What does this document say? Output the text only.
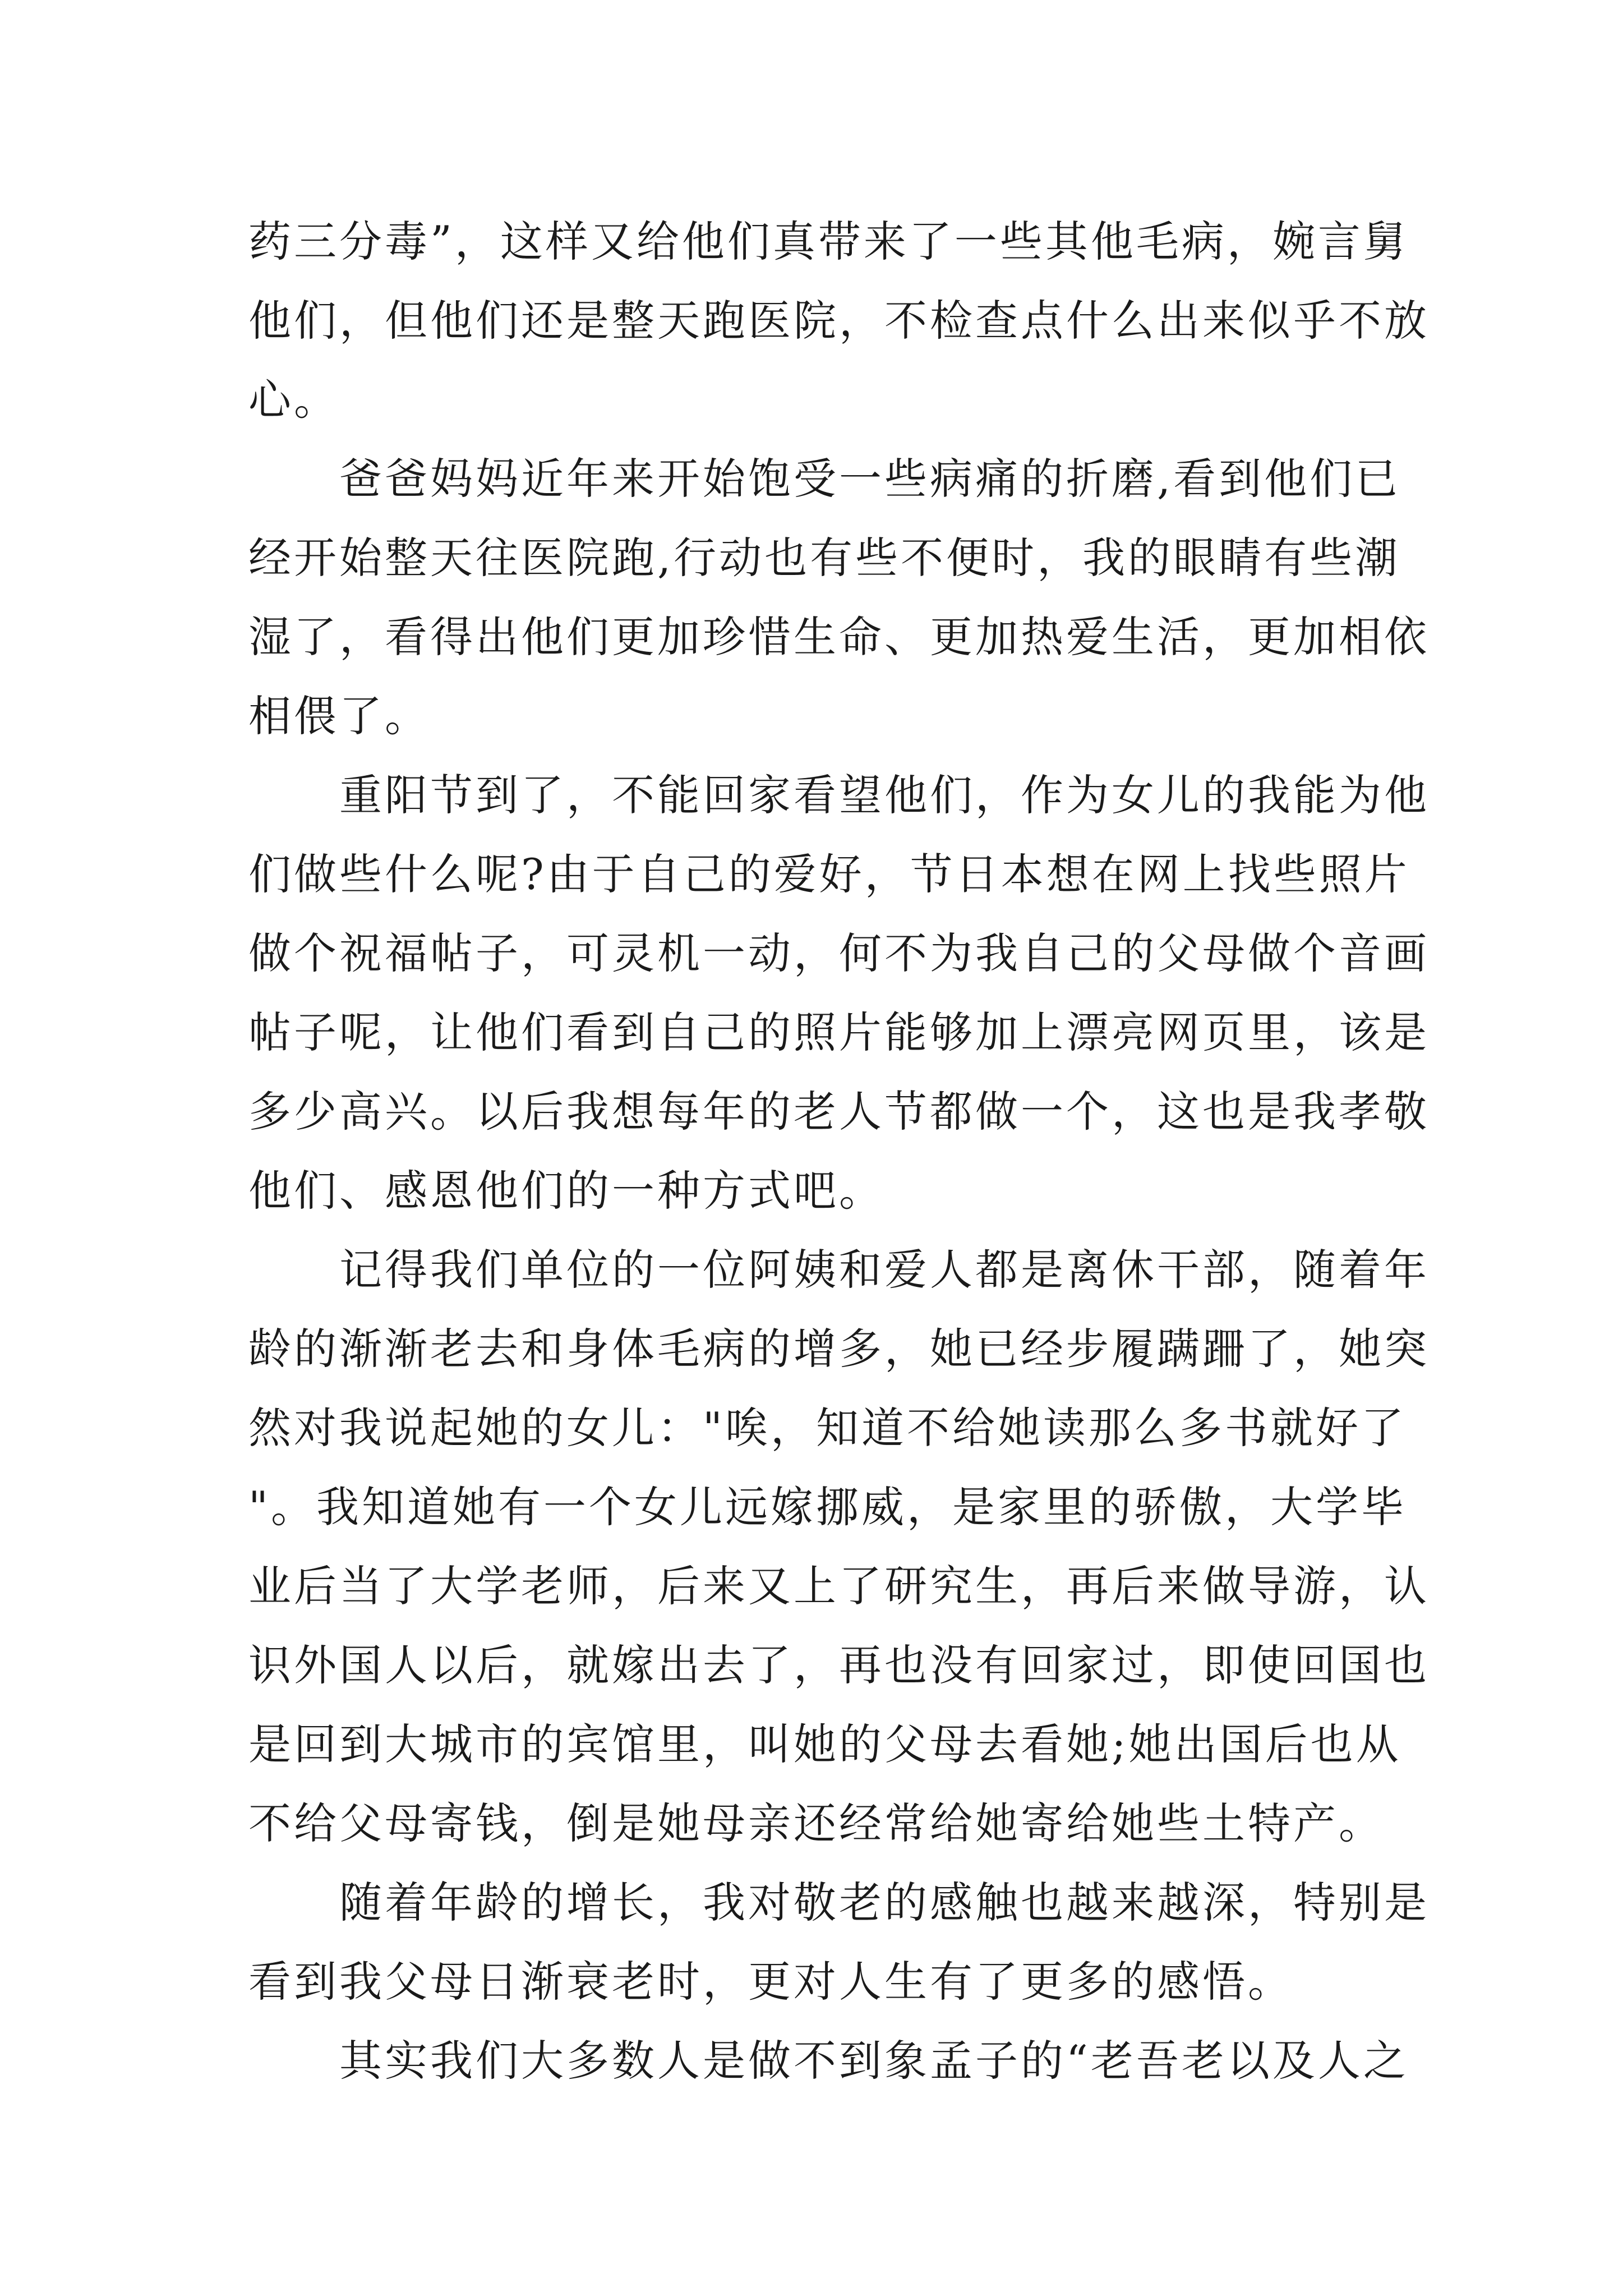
药三分毒”，这样又给他们真带来了一些其他毛病，婉言舅
他们，但他们还是整天跑医院，不检查点什么出来似乎不放
心。
　　爸爸妈妈近年来开始饱受一些病痛的折磨,看到他们已
经开始整天往医院跑,行动也有些不便时，我的眼睛有些潮
湿了，看得出他们更加珍惜生命、更加热爱生活，更加相依
相偎了。
　　重阳节到了，不能回家看望他们，作为女儿的我能为他
们做些什么呢?由于自己的爱好，节日本想在网上找些照片
做个祝福帖子，可灵机一动，何不为我自己的父母做个音画
帖子呢，让他们看到自己的照片能够加上漂亮网页里，该是
多少高兴。以后我想每年的老人节都做一个，这也是我孝敬
他们、感恩他们的一种方式吧。
　　记得我们单位的一位阿姨和爱人都是离休干部，随着年
龄的渐渐老去和身体毛病的增多，她已经步履蹒跚了，她突
然对我说起她的女儿："唉，知道不给她读那么多书就好了
"。我知道她有一个女儿远嫁挪威，是家里的骄傲，大学毕
业后当了大学老师，后来又上了研究生，再后来做导游，认
识外国人以后，就嫁出去了，再也没有回家过，即使回国也
是回到大城市的宾馆里，叫她的父母去看她;她出国后也从
不给父母寄钱，倒是她母亲还经常给她寄给她些土特产。
　　随着年龄的增长，我对敬老的感触也越来越深，特别是
看到我父母日渐衰老时，更对人生有了更多的感悟。
　　其实我们大多数人是做不到象孟子的“老吾老以及人之
